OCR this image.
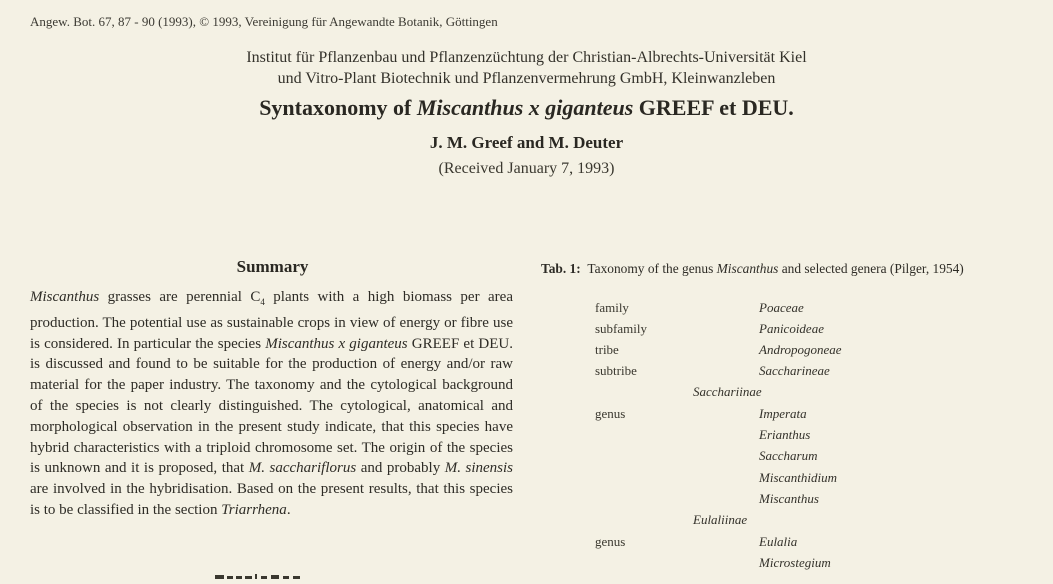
Angew. Bot. 67, 87 - 90 (1993), © 1993, Vereinigung für Angewandte Botanik, Göttingen
Institut für Pflanzenbau und Pflanzenzüchtung der Christian-Albrechts-Universität Kiel
und Vitro-Plant Biotechnik und Pflanzenvermehrung GmbH, Kleinwanzleben
Syntaxonomy of Miscanthus x giganteus GREEF et DEU.
J. M. Greef and M. Deuter
(Received January 7, 1993)
Summary

Miscanthus grasses are perennial $C_4$ plants with a high biomass per area production. The potential use as sustainable crops in view of energy or fibre use is considered. In particular the species Miscanthus x giganteus GREEF et DEU. is discussed and found to be suitable for the production of energy and/or raw material for the paper industry. The taxonomy and the cytological background of the species is not clearly distinguished. The cytological, anatomical and morphological observation in the present study indicate, that this species have hybrid characteristics with a triploid chromosome set. The origin of the species is unknown and it is proposed, that M. sacchariflorus and probably M. sinensis are involved in the hybridisation. Based on the present results, that this species is to be classified in the section Triarrhena.

Tab. 1: Taxonomy of the genus Miscanthus and selected genera (Pilger, 1954)
family	Poaceae
subfamily	Panicoideae
tribe	Andropogoneae
subtribe	Saccharineae
Sacchariinae
genus	Imperata
Erianthus
Saccharum
Miscanthidium
Miscanthus
Eulaliinae
genus	Eulalia
Microstegium
